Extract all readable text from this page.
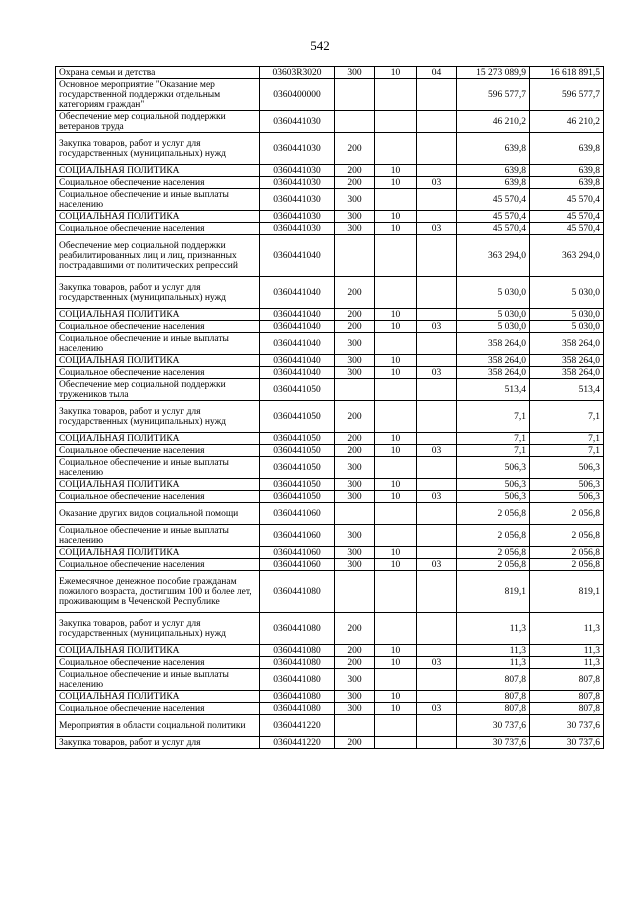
542
Охрана семьи и детства	03603R3020	300	10	04	15 273 089,9	16 618 891,5
Основное мероприятие "Оказание мер государственной поддержки отдельным категориям граждан"	0360400000				596 577,7	596 577,7
Обеспечение мер социальной поддержки ветеранов труда	0360441030				46 210,2	46 210,2
Закупка товаров, работ и услуг для государственных (муниципальных) нужд	0360441030	200			639,8	639,8
СОЦИАЛЬНАЯ ПОЛИТИКА	0360441030	200	10		639,8	639,8
Социальное обеспечение населения	0360441030	200	10	03	639,8	639,8
Социальное обеспечение и иные выплаты населению	0360441030	300			45 570,4	45 570,4
СОЦИАЛЬНАЯ ПОЛИТИКА	0360441030	300	10		45 570,4	45 570,4
Социальное обеспечение населения	0360441030	300	10	03	45 570,4	45 570,4
Обеспечение мер социальной поддержки реабилитированных лиц и лиц, признанных пострадавшими от политических репрессий	0360441040				363 294,0	363 294,0
Закупка товаров, работ и услуг для государственных (муниципальных) нужд	0360441040	200			5 030,0	5 030,0
СОЦИАЛЬНАЯ ПОЛИТИКА	0360441040	200	10		5 030,0	5 030,0
Социальное обеспечение населения	0360441040	200	10	03	5 030,0	5 030,0
Социальное обеспечение и иные выплаты населению	0360441040	300			358 264,0	358 264,0
СОЦИАЛЬНАЯ ПОЛИТИКА	0360441040	300	10		358 264,0	358 264,0
Социальное обеспечение населения	0360441040	300	10	03	358 264,0	358 264,0
Обеспечение мер социальной поддержки тружеников тыла	0360441050				513,4	513,4
Закупка товаров, работ и услуг для государственных (муниципальных) нужд	0360441050	200			7,1	7,1
СОЦИАЛЬНАЯ ПОЛИТИКА	0360441050	200	10		7,1	7,1
Социальное обеспечение населения	0360441050	200	10	03	7,1	7,1
Социальное обеспечение и иные выплаты населению	0360441050	300			506,3	506,3
СОЦИАЛЬНАЯ ПОЛИТИКА	0360441050	300	10		506,3	506,3
Социальное обеспечение населения	0360441050	300	10	03	506,3	506,3
Оказание других видов социальной помощи	0360441060				2 056,8	2 056,8
Социальное обеспечение и иные выплаты населению	0360441060	300			2 056,8	2 056,8
СОЦИАЛЬНАЯ ПОЛИТИКА	0360441060	300	10		2 056,8	2 056,8
Социальное обеспечение населения	0360441060	300	10	03	2 056,8	2 056,8
Ежемесячное денежное пособие гражданам пожилого возраста, достигшим 100 и более лет, проживающим в Чеченской Республике	0360441080				819,1	819,1
Закупка товаров, работ и услуг для государственных (муниципальных) нужд	0360441080	200			11,3	11,3
СОЦИАЛЬНАЯ ПОЛИТИКА	0360441080	200	10		11,3	11,3
Социальное обеспечение населения	0360441080	200	10	03	11,3	11,3
Социальное обеспечение и иные выплаты населению	0360441080	300			807,8	807,8
СОЦИАЛЬНАЯ ПОЛИТИКА	0360441080	300	10		807,8	807,8
Социальное обеспечение населения	0360441080	300	10	03	807,8	807,8
Мероприятия в области социальной политики	0360441220				30 737,6	30 737,6
Закупка товаров, работ и услуг для	0360441220	200			30 737,6	30 737,6
